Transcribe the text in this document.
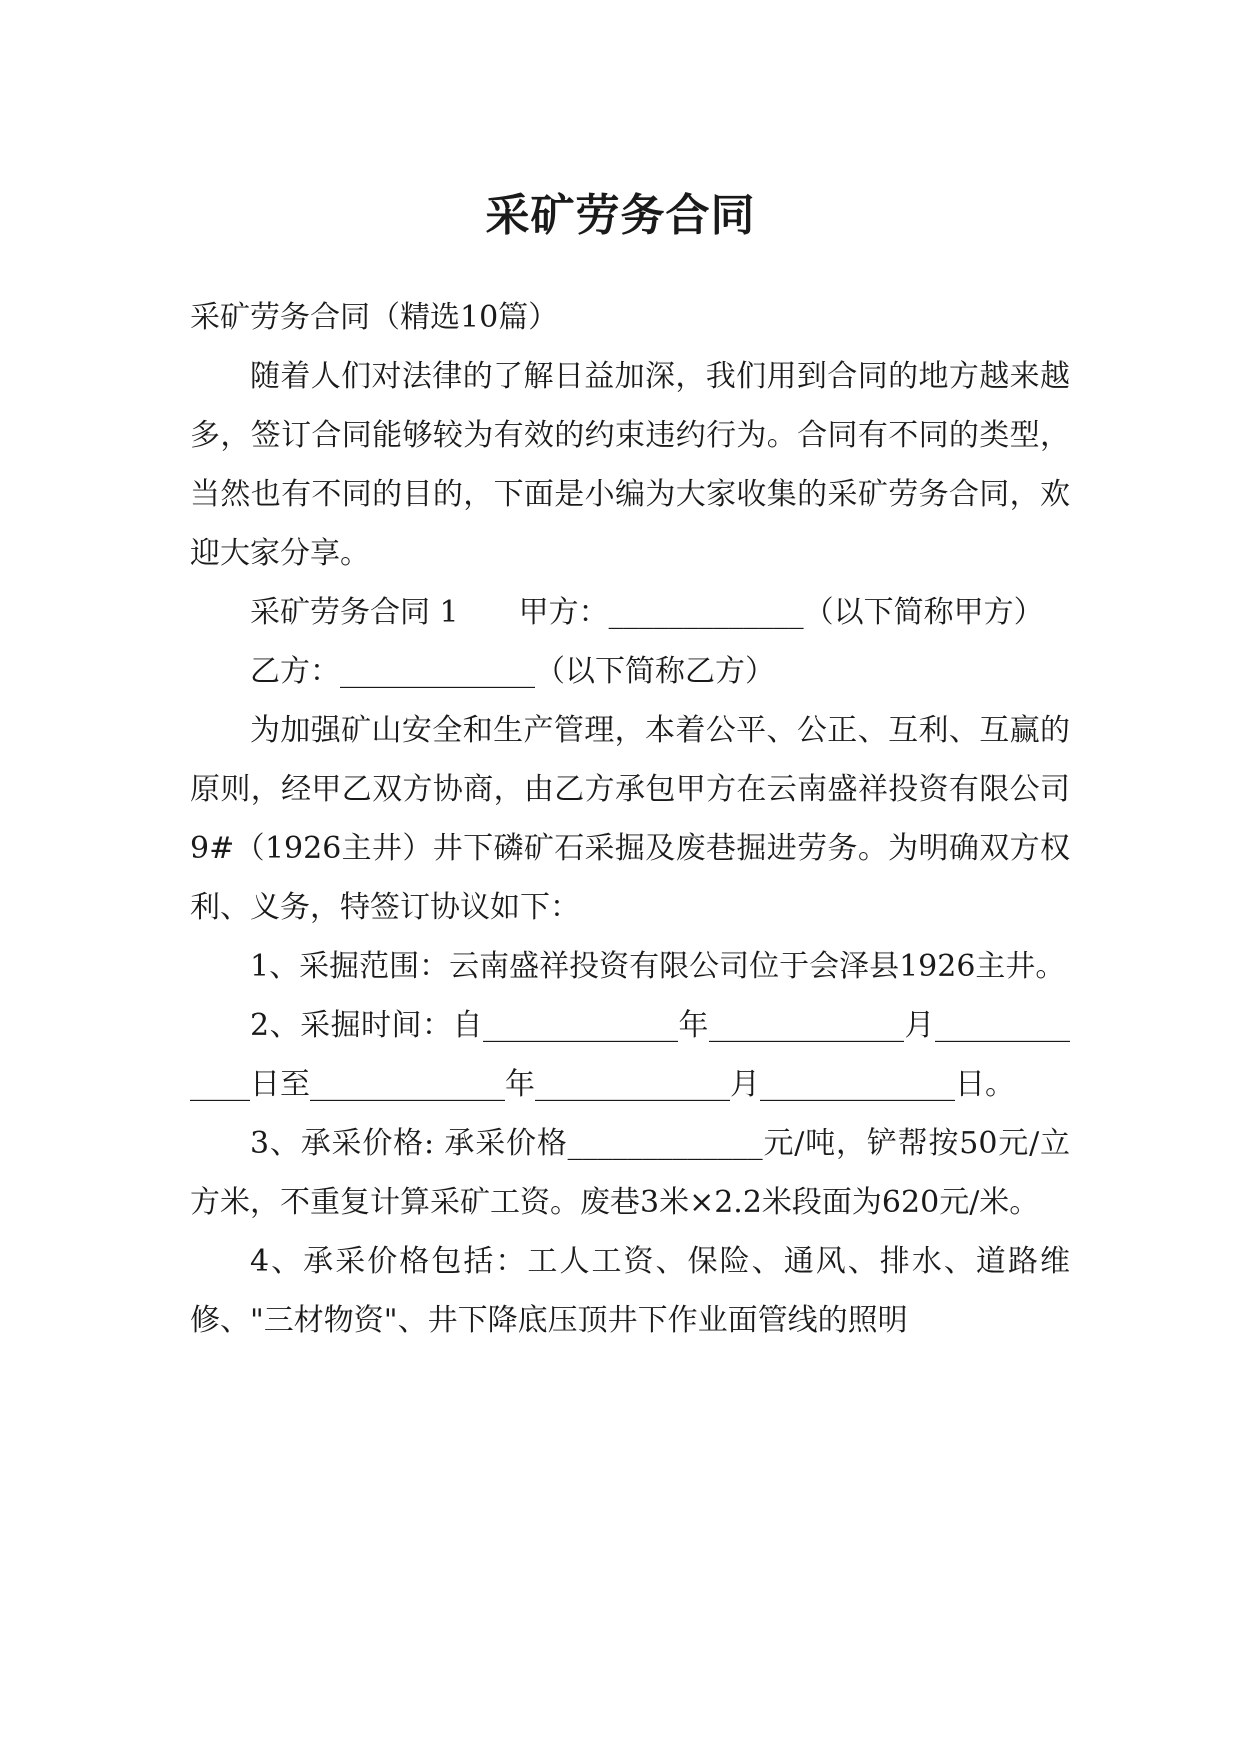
采矿劳务合同

采矿劳务合同（精选10篇）

随着人们对法律的了解日益加深，我们用到合同的地方越来越多，签订合同能够较为有效的约束违约行为。合同有不同的类型，当然也有不同的目的，下面是小编为大家收集的采矿劳务合同，欢迎大家分享。

采矿劳务合同 1　　甲方：_____________（以下简称甲方）

乙方：_____________（以下简称乙方）

为加强矿山安全和生产管理，本着公平、公正、互利、互赢的原则，经甲乙双方协商，由乙方承包甲方在云南盛祥投资有限公司9#（1926主井）井下磷矿石采掘及废巷掘进劳务。为明确双方权利、义务，特签订协议如下：

1、采掘范围：云南盛祥投资有限公司位于会泽县1926主井。

2、采掘时间：自_____________年_____________月_____________日至_____________年_____________月_____________日。

3、承采价格: 承采价格_____________元/吨，铲帮按50元/立方米，不重复计算采矿工资。废巷3米×2.2米段面为620元/米。

4、承采价格包括：工人工资、保险、通风、排水、道路维修、"三材物资"、井下降底压顶井下作业面管线的照明
